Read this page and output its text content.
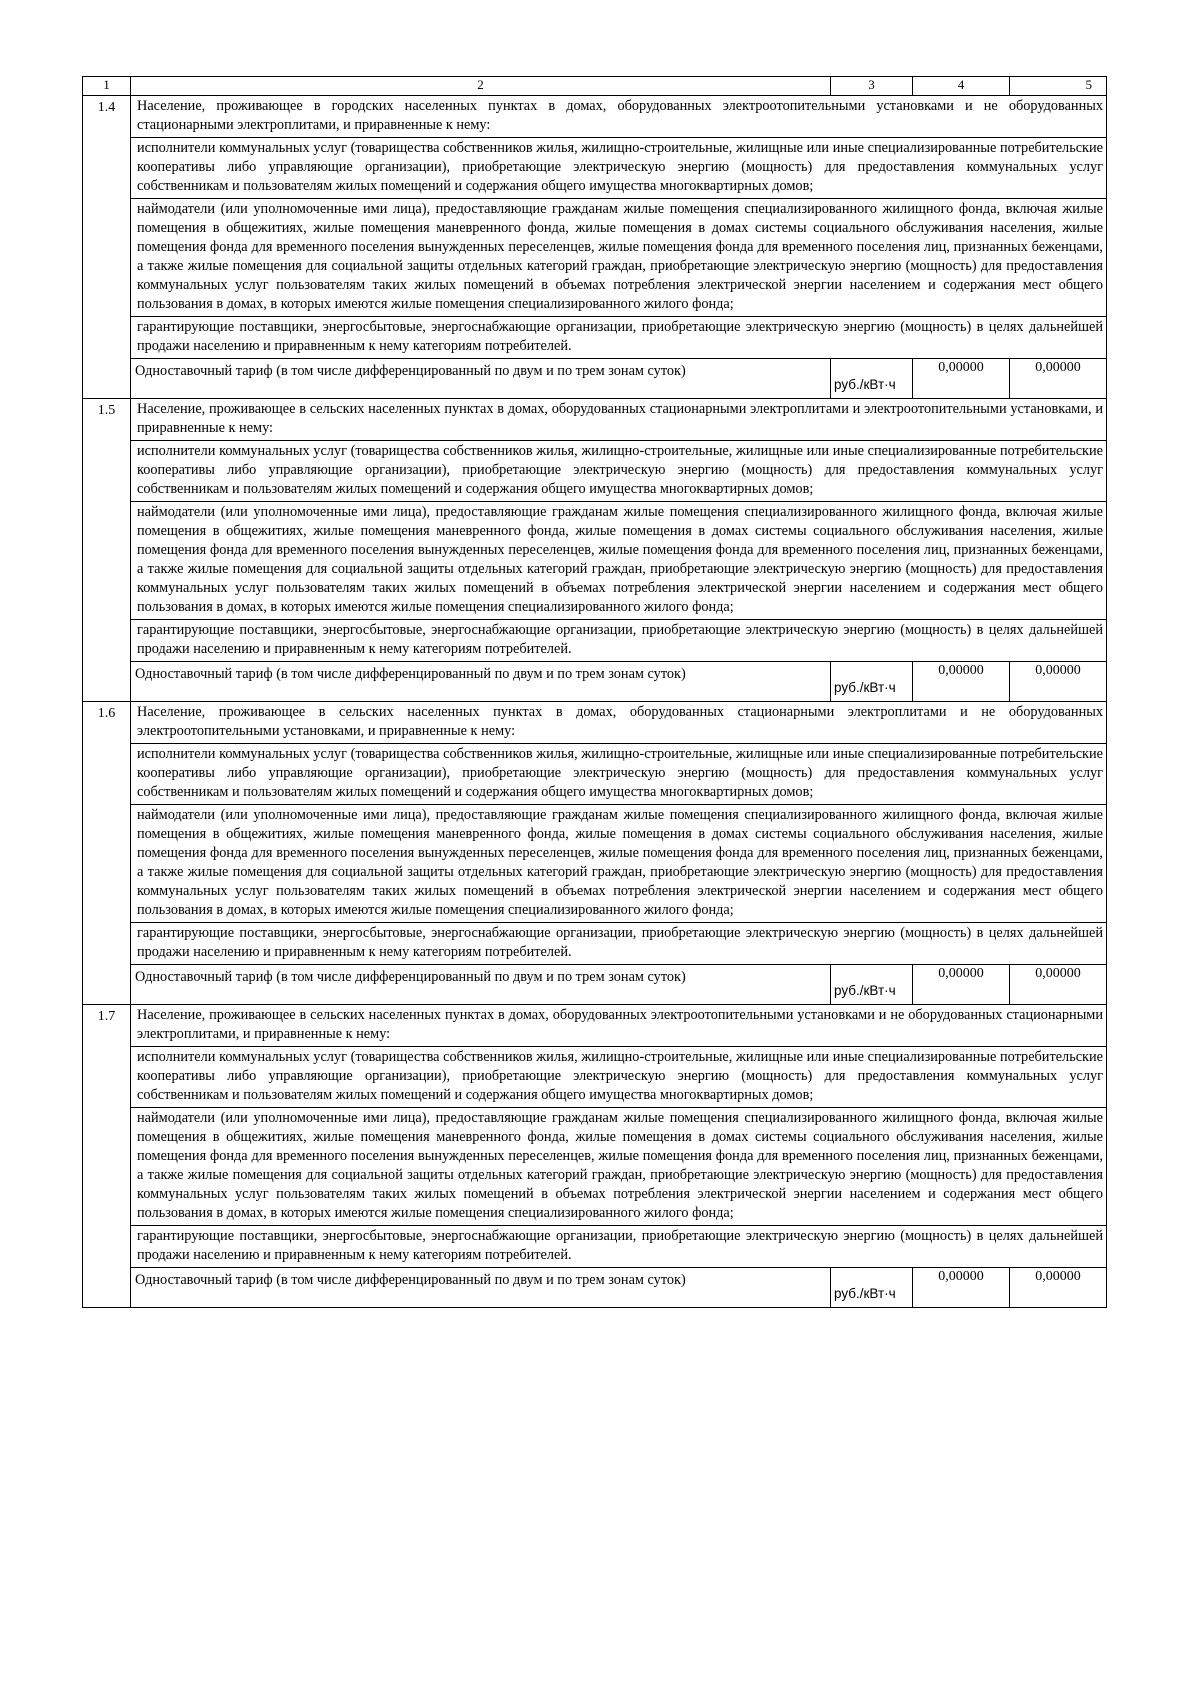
1	2	3	4	5
1.4	Население, проживающее в городских населенных пунктах в домах, оборудованных электроотопительными установками и не оборудованных стационарными электроплитами, и приравненные к нему:
исполнители коммунальных услуг (товарищества собственников жилья, жилищно-строительные, жилищные или иные специализированные потребительские кооперативы либо управляющие организации), приобретающие электрическую энергию (мощность) для предоставления коммунальных услуг собственникам и пользователям жилых помещений и содержания общего имущества многоквартирных домов;
наймодатели (или уполномоченные ими лица), предоставляющие гражданам жилые помещения специализированного жилищного фонда, включая жилые помещения в общежитиях, жилые помещения маневренного фонда, жилые помещения в домах системы социального обслуживания населения, жилые помещения фонда для временного поселения вынужденных переселенцев, жилые помещения фонда для временного поселения лиц, признанных беженцами, а также жилые помещения для социальной защиты отдельных категорий граждан, приобретающие электрическую энергию (мощность) для предоставления коммунальных услуг пользователям таких жилых помещений в объемах потребления электрической энергии населением и содержания мест общего пользования в домах, в которых имеются жилые помещения специализированного жилого фонда;
гарантирующие поставщики, энергосбытовые, энергоснабжающие организации, приобретающие электрическую энергию (мощность) в целях дальнейшей продажи населению и приравненным к нему категориям потребителей.			

	Одноставочный тариф (в том числе дифференцированный по двум и по трем зонам суток)	руб./кВт·ч	0,00000	0,00000
1.5	Население, проживающее в сельских населенных пунктах в домах, оборудованных стационарными электроплитами и электроотопительными установками, и приравненные к нему:
исполнители коммунальных услуг (товарищества собственников жилья, жилищно-строительные, жилищные или иные специализированные потребительские кооперативы либо управляющие организации), приобретающие электрическую энергию (мощность) для предоставления коммунальных услуг собственникам и пользователям жилых помещений и содержания общего имущества многоквартирных домов;
наймодатели (или уполномоченные ими лица), предоставляющие гражданам жилые помещения специализированного жилищного фонда, включая жилые помещения в общежитиях, жилые помещения маневренного фонда, жилые помещения в домах системы социального обслуживания населения, жилые помещения фонда для временного поселения вынужденных переселенцев, жилые помещения фонда для временного поселения лиц, признанных беженцами, а также жилые помещения для социальной защиты отдельных категорий граждан, приобретающие электрическую энергию (мощность) для предоставления коммунальных услуг пользователям таких жилых помещений в объемах потребления электрической энергии населением и содержания мест общего пользования в домах, в которых имеются жилые помещения специализированного жилого фонда;
гарантирующие поставщики, энергосбытовые, энергоснабжающие организации, приобретающие электрическую энергию (мощность) в целях дальнейшей продажи населению и приравненным к нему категориям потребителей.			

	Одноставочный тариф (в том числе дифференцированный по двум и по трем зонам суток)	руб./кВт·ч	0,00000	0,00000
1.6	Население, проживающее в сельских населенных пунктах в домах, оборудованных стационарными электроплитами и не оборудованных электроотопительными установками, и приравненные к нему:
исполнители коммунальных услуг (товарищества собственников жилья, жилищно-строительные, жилищные или иные специализированные потребительские кооперативы либо управляющие организации), приобретающие электрическую энергию (мощность) для предоставления коммунальных услуг собственникам и пользователям жилых помещений и содержания общего имущества многоквартирных домов;
наймодатели (или уполномоченные ими лица), предоставляющие гражданам жилые помещения специализированного жилищного фонда, включая жилые помещения в общежитиях, жилые помещения маневренного фонда, жилые помещения в домах системы социального обслуживания населения, жилые помещения фонда для временного поселения вынужденных переселенцев, жилые помещения фонда для временного поселения лиц, признанных беженцами, а также жилые помещения для социальной защиты отдельных категорий граждан, приобретающие электрическую энергию (мощность) для предоставления коммунальных услуг пользователям таких жилых помещений в объемах потребления электрической энергии населением и содержания мест общего пользования в домах, в которых имеются жилые помещения специализированного жилого фонда;
гарантирующие поставщики, энергосбытовые, энергоснабжающие организации, приобретающие электрическую энергию (мощность) в целях дальнейшей продажи населению и приравненным к нему категориям потребителей.			

	Одноставочный тариф (в том числе дифференцированный по двум и по трем зонам суток)	руб./кВт·ч	0,00000	0,00000
1.7	Население, проживающее в сельских населенных пунктах в домах, оборудованных электроотопительными установками и не оборудованных стационарными электроплитами, и приравненные к нему:
исполнители коммунальных услуг (товарищества собственников жилья, жилищно-строительные, жилищные или иные специализированные потребительские кооперативы либо управляющие организации), приобретающие электрическую энергию (мощность) для предоставления коммунальных услуг собственникам и пользователям жилых помещений и содержания общего имущества многоквартирных домов;
наймодатели (или уполномоченные ими лица), предоставляющие гражданам жилые помещения специализированного жилищного фонда, включая жилые помещения в общежитиях, жилые помещения маневренного фонда, жилые помещения в домах системы социального обслуживания населения, жилые помещения фонда для временного поселения вынужденных переселенцев, жилые помещения фонда для временного поселения лиц, признанных беженцами, а также жилые помещения для социальной защиты отдельных категорий граждан, приобретающие электрическую энергию (мощность) для предоставления коммунальных услуг пользователям таких жилых помещений в объемах потребления электрической энергии населением и содержания мест общего пользования в домах, в которых имеются жилые помещения специализированного жилого фонда;
гарантирующие поставщики, энергосбытовые, энергоснабжающие организации, приобретающие электрическую энергию (мощность) в целях дальнейшей продажи населению и приравненным к нему категориям потребителей.			

	Одноставочный тариф (в том числе дифференцированный по двум и по трем зонам суток)	руб./кВт·ч	0,00000	0,00000
